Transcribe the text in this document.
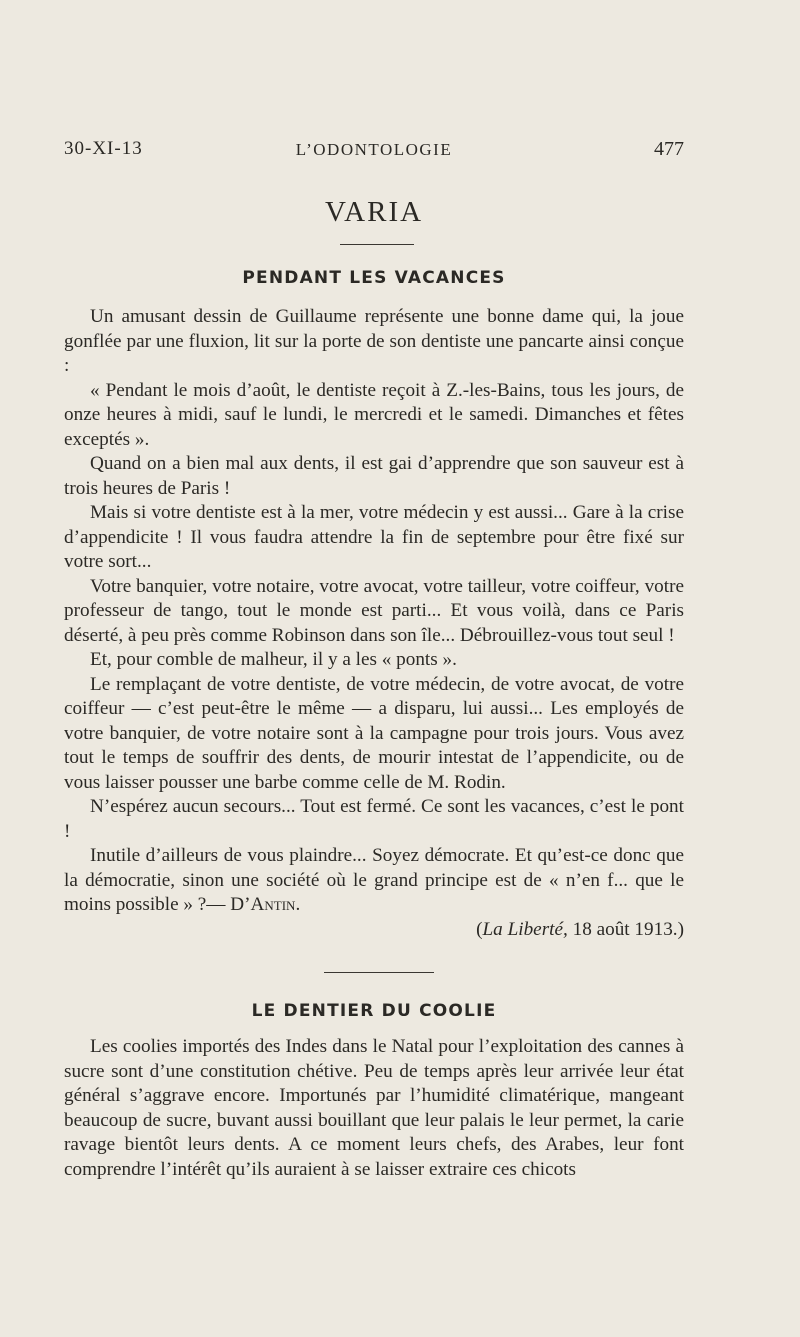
30-XI-13	L’ODONTOLOGIE	477
VARIA
PENDANT LES VACANCES

Un amusant dessin de Guillaume représente une bonne dame qui, la joue gonflée par une fluxion, lit sur la porte de son dentiste une pancarte ainsi conçue :

« Pendant le mois d’août, le dentiste reçoit à Z.-les-Bains, tous les jours, de onze heures à midi, sauf le lundi, le mercredi et le samedi. Dimanches et fêtes exceptés ».

Quand on a bien mal aux dents, il est gai d’apprendre que son sauveur est à trois heures de Paris !

Mais si votre dentiste est à la mer, votre médecin y est aussi... Gare à la crise d’appendicite ! Il vous faudra attendre la fin de septembre pour être fixé sur votre sort...

Votre banquier, votre notaire, votre avocat, votre tailleur, votre coiffeur, votre professeur de tango, tout le monde est parti... Et vous voilà, dans ce Paris déserté, à peu près comme Robinson dans son île... Débrouillez-vous tout seul !

Et, pour comble de malheur, il y a les « ponts ».

Le remplaçant de votre dentiste, de votre médecin, de votre avocat, de votre coiffeur — c’est peut-être le même — a disparu, lui aussi... Les employés de votre banquier, de votre notaire sont à la campagne pour trois jours. Vous avez tout le temps de souffrir des dents, de mourir intestat de l’appendicite, ou de vous laisser pousser une barbe comme celle de M. Rodin.

N’espérez aucun secours... Tout est fermé. Ce sont les vacances, c’est le pont !

Inutile d’ailleurs de vous plaindre... Soyez démocrate. Et qu’est-ce donc que la démocratie, sinon une société où le grand principe est de « n’en f... que le moins possible » ?— D’Antin.

(La Liberté, 18 août 1913.)

LE DENTIER DU COOLIE

Les coolies importés des Indes dans le Natal pour l’exploitation des cannes à sucre sont d’une constitution chétive. Peu de temps après leur arrivée leur état général s’aggrave encore. Importunés par l’humidité climatérique, mangeant beaucoup de sucre, buvant aussi bouillant que leur palais le leur permet, la carie ravage bientôt leurs dents. A ce moment leurs chefs, des Arabes, leur font comprendre l’intérêt qu’ils auraient à se laisser extraire ces chicots
